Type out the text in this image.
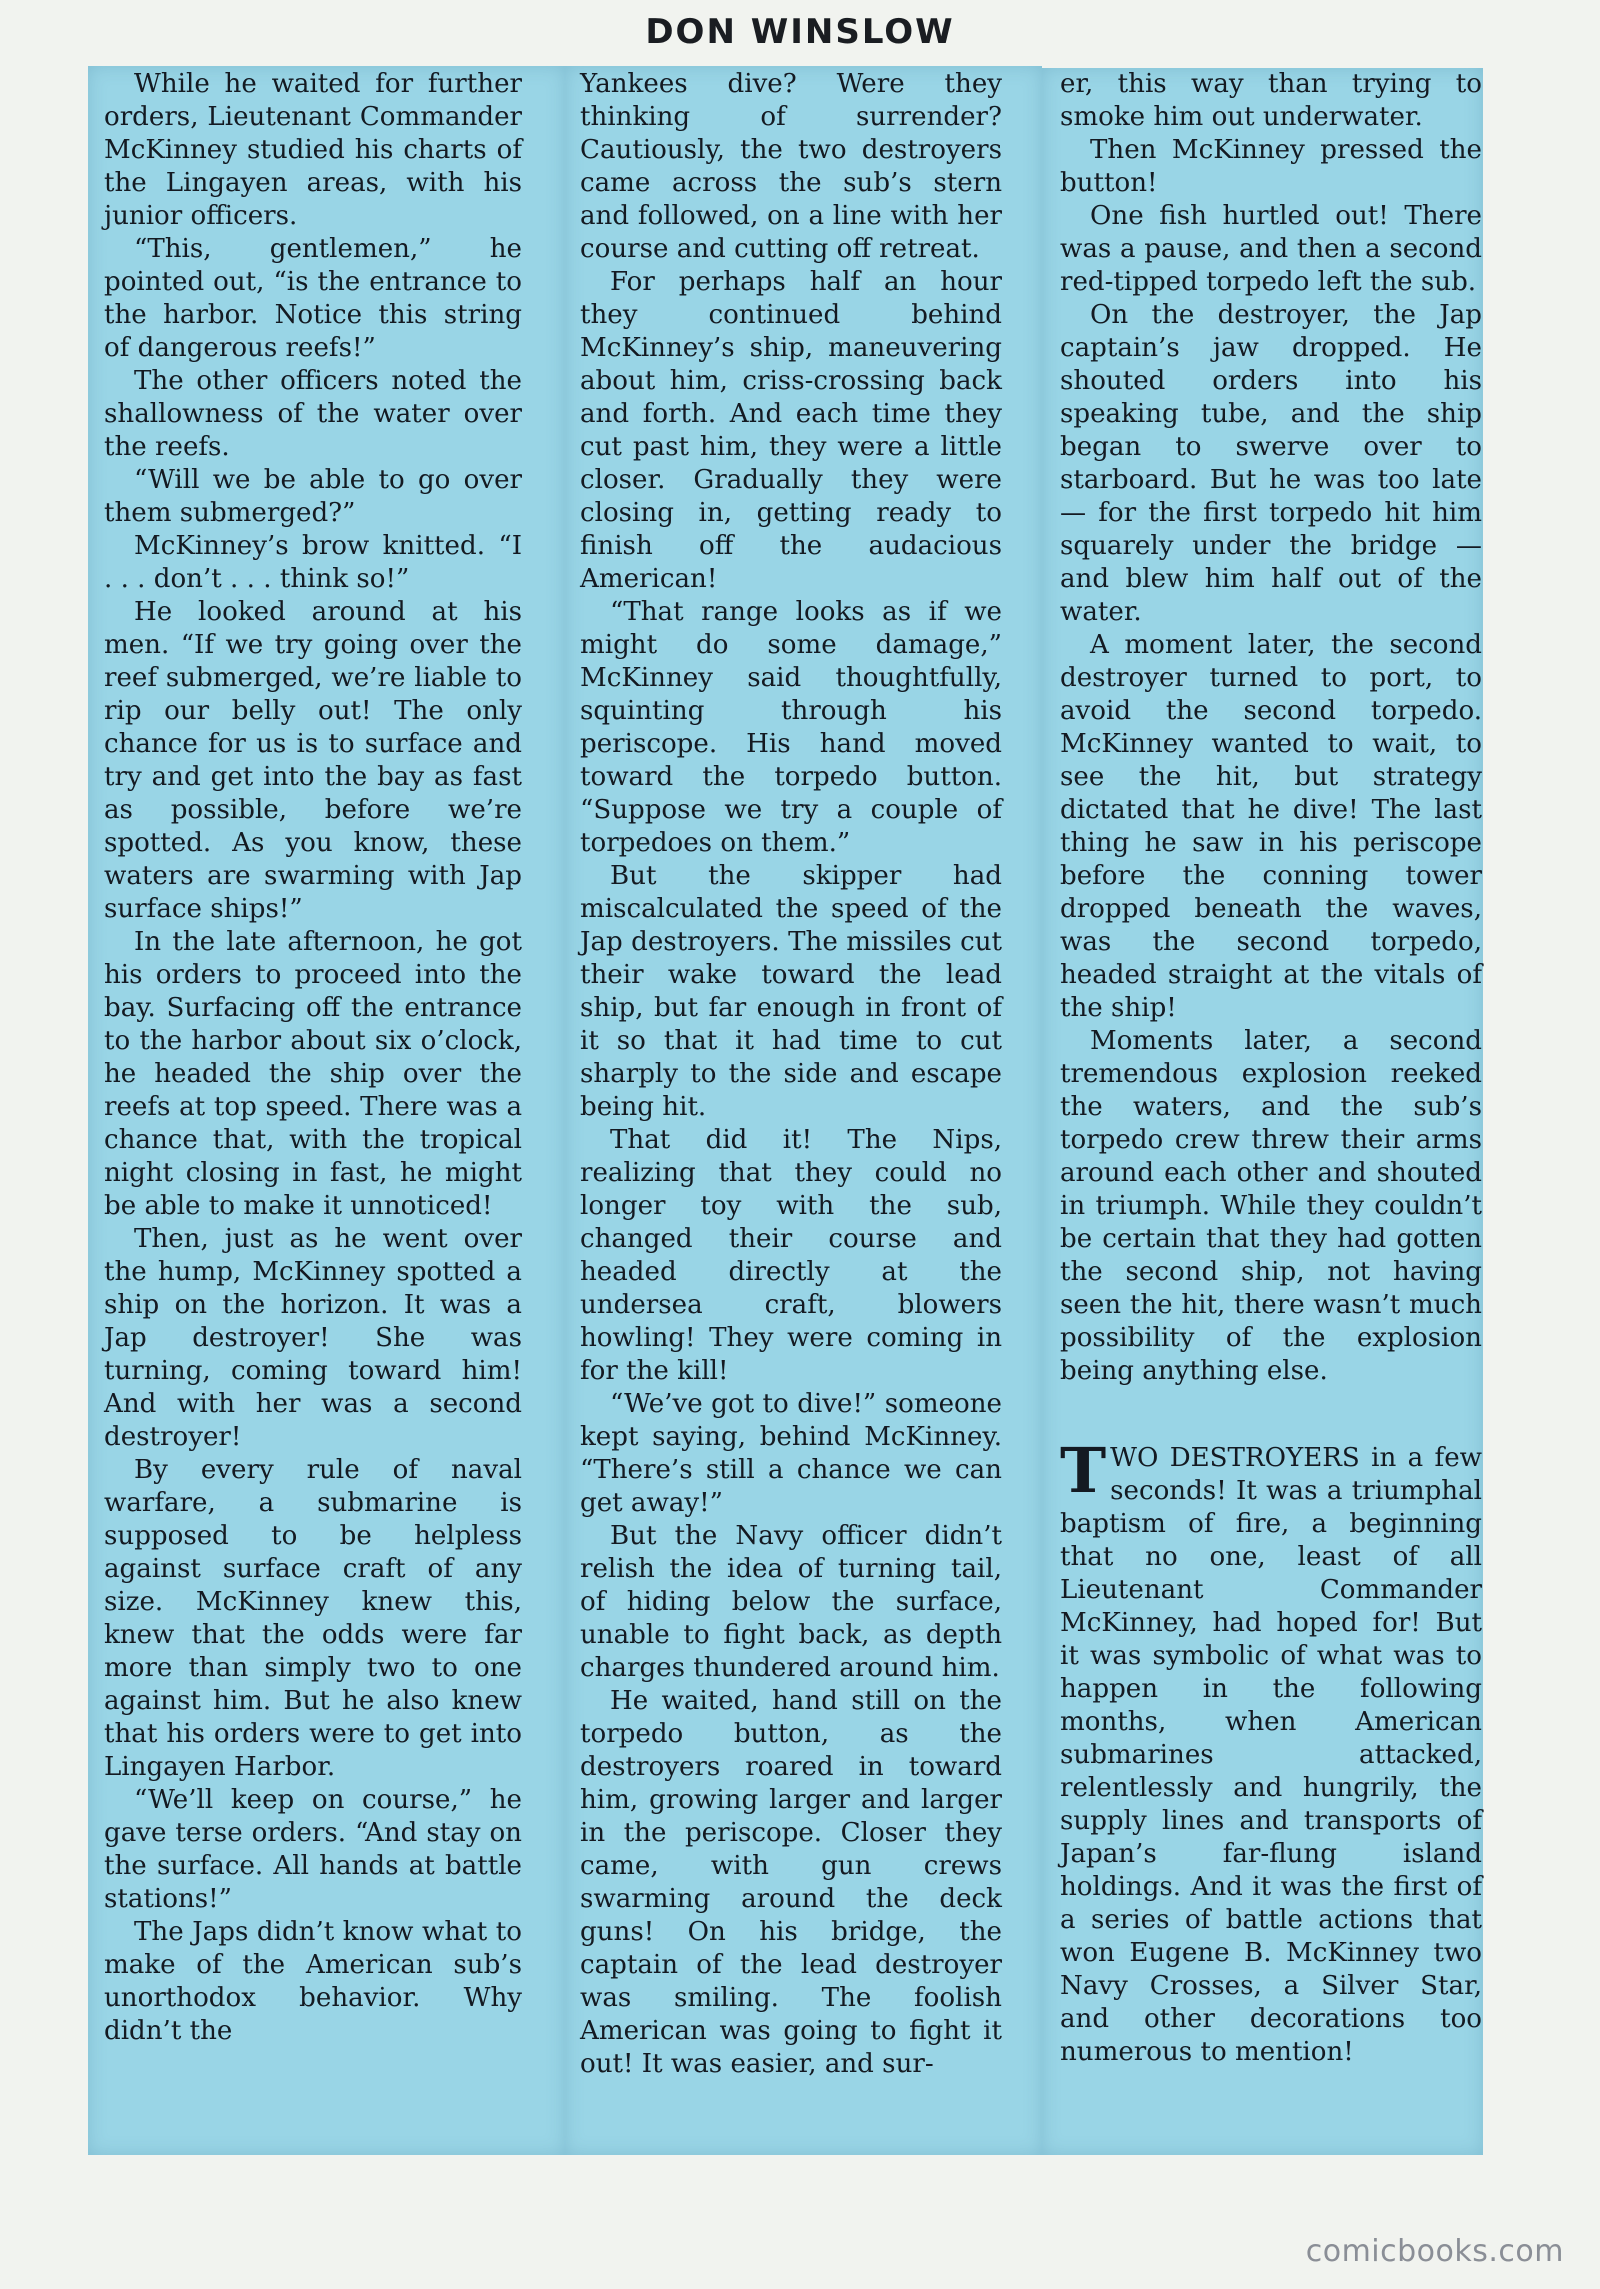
DON WINSLOW

While he waited for further orders, Lieutenant Commander McKinney studied his charts of the Lingayen areas, with his junior officers.

“This, gentlemen,” he pointed out, “is the entrance to the harbor. Notice this string of dangerous reefs!”

The other officers noted the shallowness of the water over the reefs.

“Will we be able to go over them submerged?”

McKinney’s brow knitted. “I . . . don’t . . . think so!”

He looked around at his men. “If we try going over the reef submerged, we’re liable to rip our belly out! The only chance for us is to surface and try and get into the bay as fast as possible, before we’re spotted. As you know, these waters are swarming with Jap surface ships!”

In the late afternoon, he got his orders to proceed into the bay. Surfacing off the entrance to the harbor about six o’clock, he headed the ship over the reefs at top speed. There was a chance that, with the tropical night closing in fast, he might be able to make it unnoticed!

Then, just as he went over the hump, McKinney spotted a ship on the horizon. It was a Jap destroyer! She was turning, coming toward him! And with her was a second destroyer!

By every rule of naval warfare, a submarine is supposed to be helpless against surface craft of any size. McKinney knew this, knew that the odds were far more than simply two to one against him. But he also knew that his orders were to get into Lingayen Harbor.

“We’ll keep on course,” he gave terse orders. “And stay on the surface. All hands at battle stations!”

The Japs didn’t know what to make of the American sub’s unorthodox behavior. Why didn’t the

Yankees dive? Were they thinking of surrender? Cautiously, the two destroyers came across the sub’s stern and followed, on a line with her course and cutting off retreat.

For perhaps half an hour they continued behind McKinney’s ship, maneuvering about him, criss-crossing back and forth. And each time they cut past him, they were a little closer. Gradually they were closing in, getting ready to finish off the audacious American!

“That range looks as if we might do some damage,” McKinney said thoughtfully, squinting through his periscope. His hand moved toward the torpedo button. “Suppose we try a couple of torpedoes on them.”

But the skipper had miscalculated the speed of the Jap destroyers. The missiles cut their wake toward the lead ship, but far enough in front of it so that it had time to cut sharply to the side and escape being hit.

That did it! The Nips, realizing that they could no longer toy with the sub, changed their course and headed directly at the undersea craft, blowers howling! They were coming in for the kill!

“We’ve got to dive!” someone kept saying, behind McKinney. “There’s still a chance we can get away!”

But the Navy officer didn’t relish the idea of turning tail, of hiding below the surface, unable to fight back, as depth charges thundered around him.

He waited, hand still on the torpedo button, as the destroyers roared in toward him, growing larger and larger in the periscope. Closer they came, with gun crews swarming around the deck guns! On his bridge, the captain of the lead destroyer was smiling. The foolish American was going to fight it out! It was easier, and sur-

er, this way than trying to smoke him out underwater.

Then McKinney pressed the button!

One fish hurtled out! There was a pause, and then a second red-tipped torpedo left the sub.

On the destroyer, the Jap captain’s jaw dropped. He shouted orders into his speaking tube, and the ship began to swerve over to starboard. But he was too late — for the first torpedo hit him squarely under the bridge — and blew him half out of the water.

A moment later, the second destroyer turned to port, to avoid the second torpedo. McKinney wanted to wait, to see the hit, but strategy dictated that he dive! The last thing he saw in his periscope before the conning tower dropped beneath the waves, was the second torpedo, headed straight at the vitals of the ship!

Moments later, a second tremendous explosion reeked the waters, and the sub’s torpedo crew threw their arms around each other and shouted in triumph. While they couldn’t be certain that they had gotten the second ship, not having seen the hit, there wasn’t much possibility of the explosion being anything else.

TWO DESTROYERS in a few seconds! It was a triumphal baptism of fire, a beginning that no one, least of all Lieutenant Commander McKinney, had hoped for! But it was symbolic of what was to happen in the following months, when American submarines attacked, relentlessly and hungrily, the supply lines and transports of Japan’s far-flung island holdings. And it was the first of a series of battle actions that won Eugene B. McKinney two Navy Crosses, a Silver Star, and other decorations too numerous to mention!

comicbooks.com
